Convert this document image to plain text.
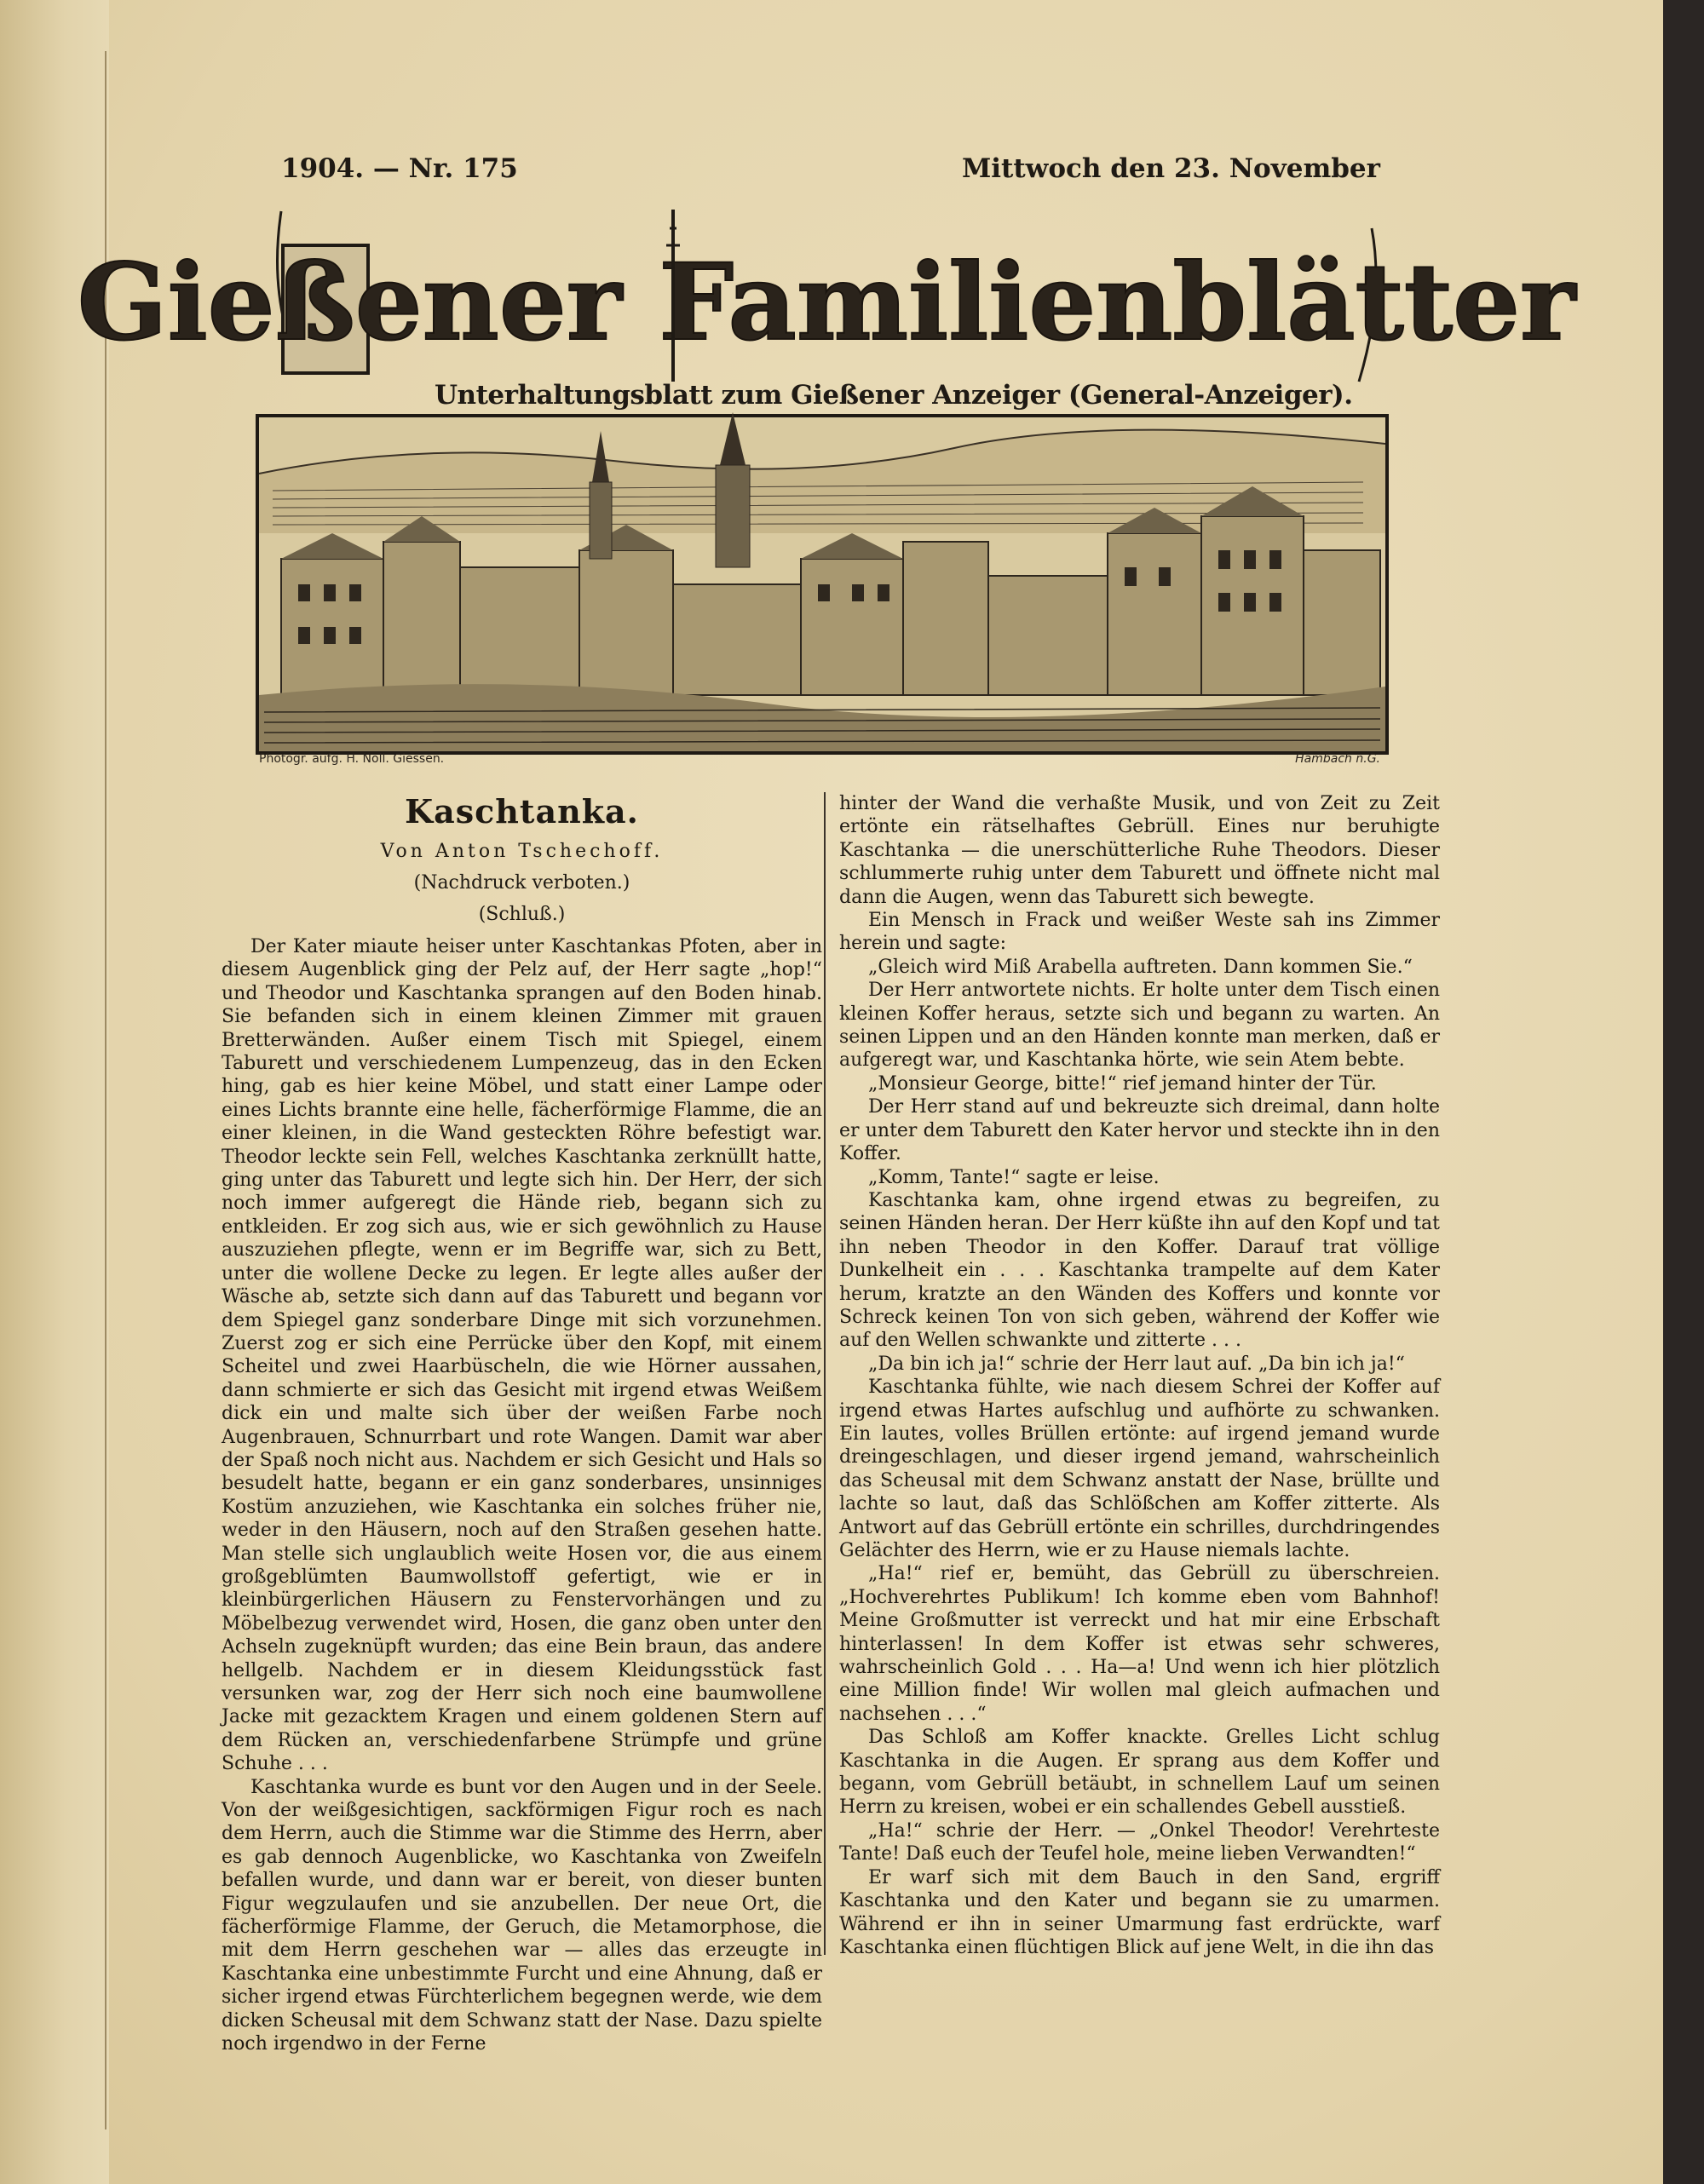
1904. — Nr. 175	Mittwoch den 23. November
Gießener Familienblätter
Unterhaltungsblatt zum Gießener Anzeiger (General-Anzeiger).
Photogr. aufg. H. Noll. Giessen.	Hambach n.G.
Kaschtanka.

Von Anton Tschechoff.

(Nachdruck verboten.)

(Schluß.)

Der Kater miaute heiser unter Kaschtankas Pfoten, aber in diesem Augenblick ging der Pelz auf, der Herr sagte „hop!“ und Theodor und Kaschtanka sprangen auf den Boden hinab. Sie befanden sich in einem kleinen Zimmer mit grauen Bretterwänden. Außer einem Tisch mit Spiegel, einem Taburett und verschiedenem Lumpenzeug, das in den Ecken hing, gab es hier keine Möbel, und statt einer Lampe oder eines Lichts brannte eine helle, fächerförmige Flamme, die an einer kleinen, in die Wand gesteckten Röhre befestigt war. Theodor leckte sein Fell, welches Kaschtanka zerknüllt hatte, ging unter das Taburett und legte sich hin. Der Herr, der sich noch immer aufgeregt die Hände rieb, begann sich zu entkleiden. Er zog sich aus, wie er sich gewöhnlich zu Hause auszuziehen pflegte, wenn er im Begriffe war, sich zu Bett, unter die wollene Decke zu legen. Er legte alles außer der Wäsche ab, setzte sich dann auf das Taburett und begann vor dem Spiegel ganz sonderbare Dinge mit sich vorzunehmen. Zuerst zog er sich eine Perrücke über den Kopf, mit einem Scheitel und zwei Haarbüscheln, die wie Hörner aussahen, dann schmierte er sich das Gesicht mit irgend etwas Weißem dick ein und malte sich über der weißen Farbe noch Augenbrauen, Schnurrbart und rote Wangen. Damit war aber der Spaß noch nicht aus. Nachdem er sich Gesicht und Hals so besudelt hatte, begann er ein ganz sonderbares, unsinniges Kostüm anzuziehen, wie Kaschtanka ein solches früher nie, weder in den Häusern, noch auf den Straßen gesehen hatte. Man stelle sich unglaublich weite Hosen vor, die aus einem großgeblümten Baumwollstoff gefertigt, wie er in kleinbürgerlichen Häusern zu Fenstervorhängen und zu Möbelbezug verwendet wird, Hosen, die ganz oben unter den Achseln zugeknüpft wurden; das eine Bein braun, das andere hellgelb. Nachdem er in diesem Kleidungsstück fast versunken war, zog der Herr sich noch eine baumwollene Jacke mit gezacktem Kragen und einem goldenen Stern auf dem Rücken an, verschiedenfarbene Strümpfe und grüne Schuhe . . .

Kaschtanka wurde es bunt vor den Augen und in der Seele. Von der weißgesichtigen, sackförmigen Figur roch es nach dem Herrn, auch die Stimme war die Stimme des Herrn, aber es gab dennoch Augenblicke, wo Kaschtanka von Zweifeln befallen wurde, und dann war er bereit, von dieser bunten Figur wegzulaufen und sie anzubellen. Der neue Ort, die fächerförmige Flamme, der Geruch, die Metamorphose, die mit dem Herrn geschehen war — alles das erzeugte in Kaschtanka eine unbestimmte Furcht und eine Ahnung, daß er sicher irgend etwas Fürchterlichem begegnen werde, wie dem dicken Scheusal mit dem Schwanz statt der Nase. Dazu spielte noch irgendwo in der Ferne

hinter der Wand die verhaßte Musik, und von Zeit zu Zeit ertönte ein rätselhaftes Gebrüll. Eines nur beruhigte Kaschtanka — die unerschütterliche Ruhe Theodors. Dieser schlummerte ruhig unter dem Taburett und öffnete nicht mal dann die Augen, wenn das Taburett sich bewegte.

Ein Mensch in Frack und weißer Weste sah ins Zimmer herein und sagte:

„Gleich wird Miß Arabella auftreten. Dann kommen Sie.“

Der Herr antwortete nichts. Er holte unter dem Tisch einen kleinen Koffer heraus, setzte sich und begann zu warten. An seinen Lippen und an den Händen konnte man merken, daß er aufgeregt war, und Kaschtanka hörte, wie sein Atem bebte.

„Monsieur George, bitte!“ rief jemand hinter der Tür.

Der Herr stand auf und bekreuzte sich dreimal, dann holte er unter dem Taburett den Kater hervor und steckte ihn in den Koffer.

„Komm, Tante!“ sagte er leise.

Kaschtanka kam, ohne irgend etwas zu begreifen, zu seinen Händen heran. Der Herr küßte ihn auf den Kopf und tat ihn neben Theodor in den Koffer. Darauf trat völlige Dunkelheit ein . . . Kaschtanka trampelte auf dem Kater herum, kratzte an den Wänden des Koffers und konnte vor Schreck keinen Ton von sich geben, während der Koffer wie auf den Wellen schwankte und zitterte . . .

„Da bin ich ja!“ schrie der Herr laut auf. „Da bin ich ja!“

Kaschtanka fühlte, wie nach diesem Schrei der Koffer auf irgend etwas Hartes aufschlug und aufhörte zu schwanken. Ein lautes, volles Brüllen ertönte: auf irgend jemand wurde dreingeschlagen, und dieser irgend jemand, wahrscheinlich das Scheusal mit dem Schwanz anstatt der Nase, brüllte und lachte so laut, daß das Schlößchen am Koffer zitterte. Als Antwort auf das Gebrüll ertönte ein schrilles, durchdringendes Gelächter des Herrn, wie er zu Hause niemals lachte.

„Ha!“ rief er, bemüht, das Gebrüll zu überschreien. „Hochverehrtes Publikum! Ich komme eben vom Bahnhof! Meine Großmutter ist verreckt und hat mir eine Erbschaft hinterlassen! In dem Koffer ist etwas sehr schweres, wahrscheinlich Gold . . . Ha—a! Und wenn ich hier plötzlich eine Million finde! Wir wollen mal gleich aufmachen und nachsehen . . .“

Das Schloß am Koffer knackte. Grelles Licht schlug Kaschtanka in die Augen. Er sprang aus dem Koffer und begann, vom Gebrüll betäubt, in schnellem Lauf um seinen Herrn zu kreisen, wobei er ein schallendes Gebell ausstieß.

„Ha!“ schrie der Herr. — „Onkel Theodor! Verehrteste Tante! Daß euch der Teufel hole, meine lieben Verwandten!“

Er warf sich mit dem Bauch in den Sand, ergriff Kaschtanka und den Kater und begann sie zu umarmen. Während er ihn in seiner Umarmung fast erdrückte, warf Kaschtanka einen flüchtigen Blick auf jene Welt, in die ihn das
